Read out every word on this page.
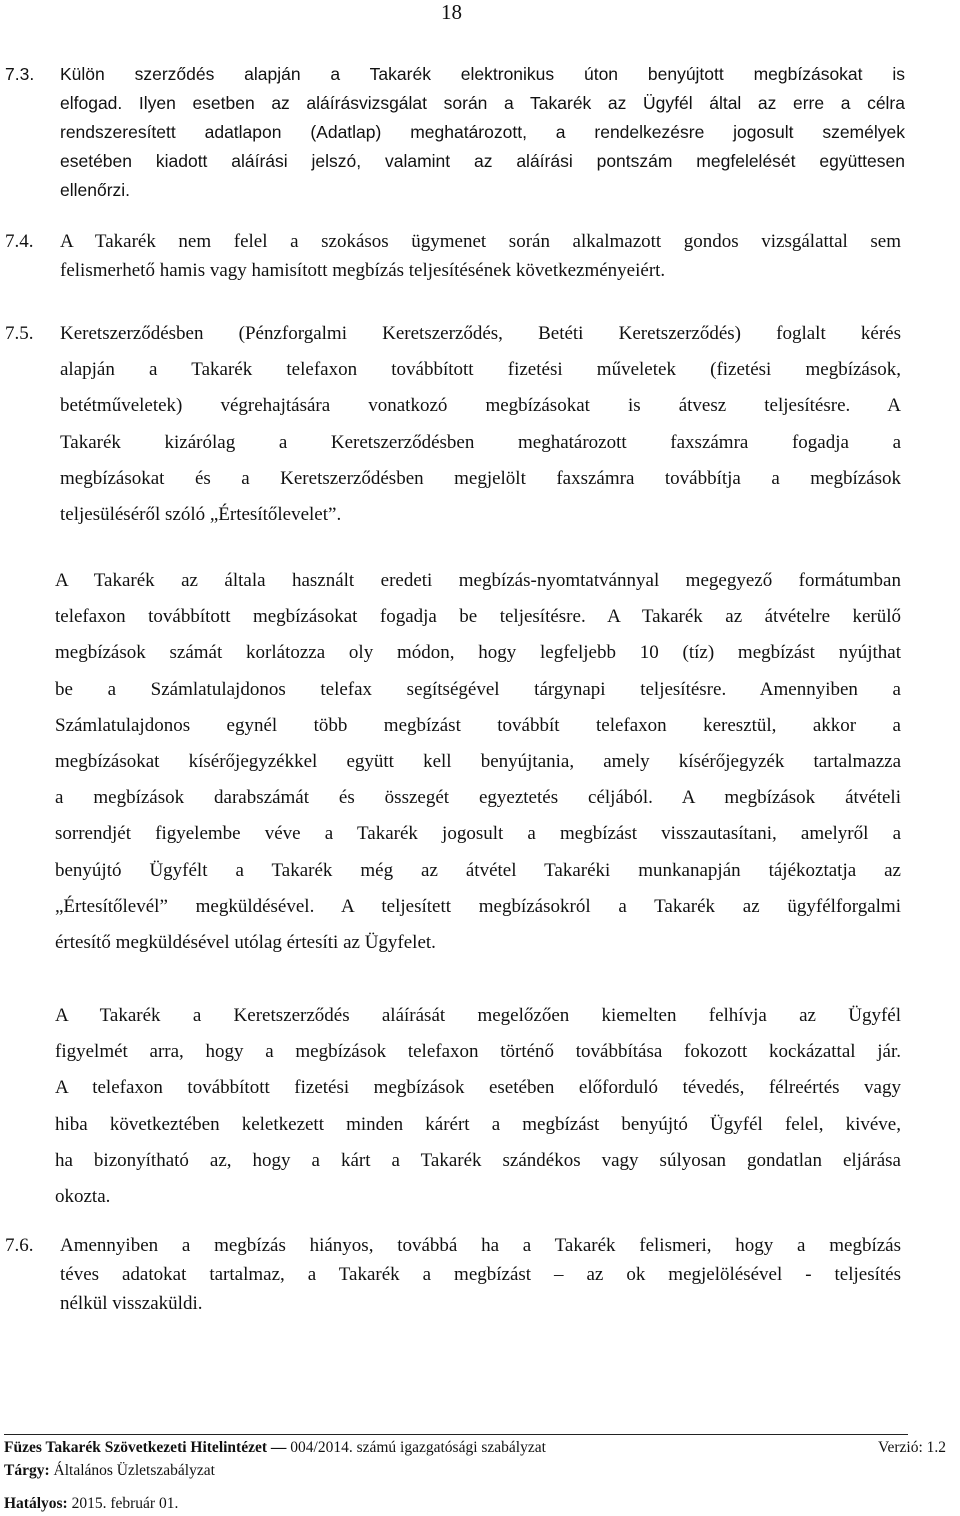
18
7.3. Külön szerződés alapján a Takarék elektronikus úton benyújtott megbízásokat is
elfogad. Ilyen esetben az aláírásvizsgálat során a Takarék az Ügyfél által az erre a célra
rendszeresített adatlapon (Adatlap) meghatározott, a rendelkezésre jogosult személyek
esetében kiadott aláírási jelszó, valamint az aláírási pontszám megfelelését együttesen
ellenőrzi.
7.4. A Takarék nem felel a szokásos ügymenet során alkalmazott gondos vizsgálattal sem
felismerhető hamis vagy hamisított megbízás teljesítésének következményeiért.
7.5. Keretszerződésben (Pénzforgalmi Keretszerződés, Betéti Keretszerződés) foglalt kérés
alapján a Takarék telefaxon továbbított fizetési műveletek (fizetési megbízások,
betétműveletek) végrehajtására vonatkozó megbízásokat is átvesz teljesítésre. A
Takarék kizárólag a Keretszerződésben meghatározott faxszámra fogadja a
megbízásokat és a Keretszerződésben megjelölt faxszámra továbbítja a megbízások
teljesüléséről szóló „Értesítőlevelet”.
A Takarék az általa használt eredeti megbízás-nyomtatvánnyal megegyező formátumban
telefaxon továbbított megbízásokat fogadja be teljesítésre. A Takarék az átvételre kerülő
megbízások számát korlátozza oly módon, hogy legfeljebb 10 (tíz) megbízást nyújthat
be a Számlatulajdonos telefax segítségével tárgynapi teljesítésre. Amennyiben a
Számlatulajdonos egynél több megbízást továbbít telefaxon keresztül, akkor a
megbízásokat kísérőjegyzékkel együtt kell benyújtania, amely kísérőjegyzék tartalmazza
a megbízások darabszámát és összegét egyeztetés céljából. A megbízások átvételi
sorrendjét figyelembe véve a Takarék jogosult a megbízást visszautasítani, amelyről a
benyújtó Ügyfélt a Takarék még az átvétel Takaréki munkanapján tájékoztatja az
„Értesítőlevél” megküldésével. A teljesített megbízásokról a Takarék az ügyfélforgalmi
értesítő megküldésével utólag értesíti az Ügyfelet.
A Takarék a Keretszerződés aláírását megelőzően kiemelten felhívja az Ügyfél
figyelmét arra, hogy a megbízások telefaxon történő továbbítása fokozott kockázattal jár.
A telefaxon továbbított fizetési megbízások esetében előforduló tévedés, félreértés vagy
hiba következtében keletkezett minden kárért a megbízást benyújtó Ügyfél felel, kivéve,
ha bizonyítható az, hogy a kárt a Takarék szándékos vagy súlyosan gondatlan eljárása
okozta.
7.6. Amennyiben a megbízás hiányos, továbbá ha a Takarék felismeri, hogy a megbízás
téves adatokat tartalmaz, a Takarék a megbízást – az ok megjelölésével - teljesítés
nélkül visszaküldi.
Füzes Takarék Szövetkezeti Hitelintézet — 004/2014. számú igazgatósági szabályzat	Verzió: 1.2
Tárgy: Általános Üzletszabályzat
Hatályos: 2015. február 01.
